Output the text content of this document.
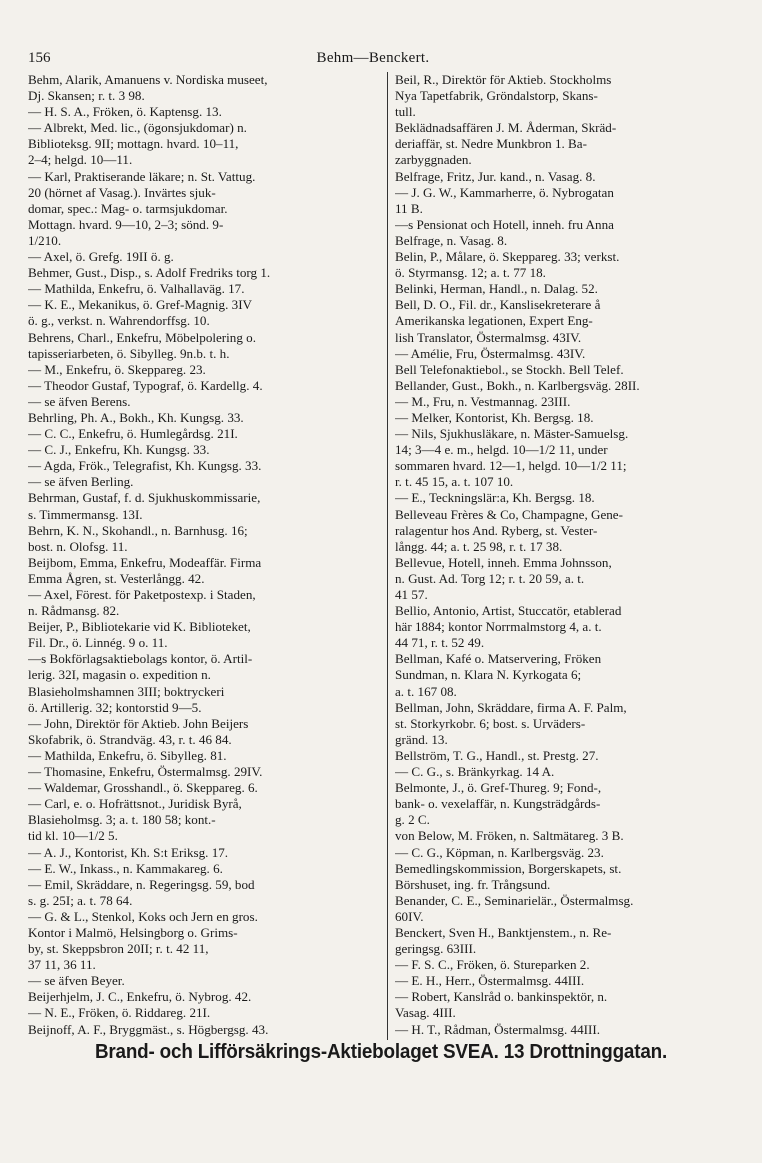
156	Behm—Benckert.
Behm, Alarik, Amanuens v. Nordiska museet,
Dj. Skansen; r. t. 3 98.
— H. S. A., Fröken, ö. Kaptensg. 13.
— Albrekt, Med. lic., (ögonsjukdomar) n.
Biblioteksg. 9II; mottagn. hvard. 10–11,
2–4; helgd. 10—11.
— Karl, Praktiserande läkare; n. St. Vattug.
20 (hörnet af Vasag.). Invärtes sjuk-
domar, spec.: Mag- o. tarmsjukdomar.
Mottagn. hvard. 9—10, 2–3; sönd. 9-
1/210.
— Axel, ö. Grefg. 19II ö. g.
Behmer, Gust., Disp., s. Adolf Fredriks torg 1.
— Mathilda, Enkefru, ö. Valhallaväg. 17.
— K. E., Mekanikus, ö. Gref-Magnig. 3IV
ö. g., verkst. n. Wahrendorffsg. 10.
Behrens, Charl., Enkefru, Möbelpolering o.
tapisseriarbeten, ö. Sibylleg. 9n.b. t. h.
— M., Enkefru, ö. Skeppareg. 23.
— Theodor Gustaf, Typograf, ö. Kardellg. 4.
— se äfven Berens.
Behrling, Ph. A., Bokh., Kh. Kungsg. 33.
— C. C., Enkefru, ö. Humlegårdsg. 21I.
— C. J., Enkefru, Kh. Kungsg. 33.
— Agda, Frök., Telegrafist, Kh. Kungsg. 33.
— se äfven Berling.
Behrman, Gustaf, f. d. Sjukhuskommissarie,
s. Timmermansg. 13I.
Behrn, K. N., Skohandl., n. Barnhusg. 16;
bost. n. Olofsg. 11.
Beijbom, Emma, Enkefru, Modeaffär. Firma
Emma Ågren, st. Vesterlångg. 42.
— Axel, Förest. för Paketpostexp. i Staden,
n. Rådmansg. 82.
Beijer, P., Bibliotekarie vid K. Biblioteket,
Fil. Dr., ö. Linnég. 9 o. 11.
—s Bokförlagsaktiebolags kontor, ö. Artil-
lerig. 32I, magasin o. expedition n.
Blasieholmshamnen 3III; boktryckeri
ö. Artillerig. 32; kontorstid 9—5.
— John, Direktör för Aktieb. John Beijers
Skofabrik, ö. Strandväg. 43, r. t. 46 84.
— Mathilda, Enkefru, ö. Sibylleg. 81.
— Thomasine, Enkefru, Östermalmsg. 29IV.
— Waldemar, Grosshandl., ö. Skeppareg. 6.
— Carl, e. o. Hofrättsnot., Juridisk Byrå,
Blasieholmsg. 3; a. t. 180 58; kont.-
tid kl. 10—1/2 5.
— A. J., Kontorist, Kh. S:t Eriksg. 17.
— E. W., Inkass., n. Kammakareg. 6.
— Emil, Skräddare, n. Regeringsg. 59, bod
s. g. 25I; a. t. 78 64.
— G. & L., Stenkol, Koks och Jern en gros.
Kontor i Malmö, Helsingborg o. Grims-
by, st. Skeppsbron 20II; r. t. 42 11,
37 11, 36 11.
— se äfven Beyer.
Beijerhjelm, J. C., Enkefru, ö. Nybrog. 42.
— N. E., Fröken, ö. Riddareg. 21I.
Beijnoff, A. F., Bryggmäst., s. Högbergsg. 43.
Beil, R., Direktör för Aktieb. Stockholms
Nya Tapetfabrik, Gröndalstorp, Skans-
tull.
Beklädnadsaffären J. M. Åderman, Skräd-
deriaffär, st. Nedre Munkbron 1. Ba-
zarbyggnaden.
Belfrage, Fritz, Jur. kand., n. Vasag. 8.
— J. G. W., Kammarherre, ö. Nybrogatan
11 B.
—s Pensionat och Hotell, inneh. fru Anna
Belfrage, n. Vasag. 8.
Belin, P., Målare, ö. Skeppareg. 33; verkst.
ö. Styrmansg. 12; a. t. 77 18.
Belinki, Herman, Handl., n. Dalag. 52.
Bell, D. O., Fil. dr., Kanslisekreterare å
Amerikanska legationen, Expert Eng-
lish Translator, Östermalmsg. 43IV.
— Amélie, Fru, Östermalmsg. 43IV.
Bell Telefonaktiebol., se Stockh. Bell Telef.
Bellander, Gust., Bokh., n. Karlbergsväg. 28II.
— M., Fru, n. Vestmannag. 23III.
— Melker, Kontorist, Kh. Bergsg. 18.
— Nils, Sjukhusläkare, n. Mäster-Samuelsg.
14; 3—4 e. m., helgd. 10—1/2 11, under
sommaren hvard. 12—1, helgd. 10—1/2 11;
r. t. 45 15, a. t. 107 10.
— E., Teckningslär:a, Kh. Bergsg. 18.
Belleveau Frères & Co, Champagne, Gene-
ralagentur hos And. Ryberg, st. Vester-
långg. 44; a. t. 25 98, r. t. 17 38.
Bellevue, Hotell, inneh. Emma Johnsson,
n. Gust. Ad. Torg 12; r. t. 20 59, a. t.
41 57.
Bellio, Antonio, Artist, Stuccatör, etablerad
här 1884; kontor Norrmalmstorg 4, a. t.
44 71, r. t. 52 49.
Bellman, Kafé o. Matservering, Fröken
Sundman, n. Klara N. Kyrkogata 6;
a. t. 167 08.
Bellman, John, Skräddare, firma A. F. Palm,
st. Storkyrkobr. 6; bost. s. Urväders-
gränd. 13.
Bellström, T. G., Handl., st. Prestg. 27.
— C. G., s. Bränkyrkag. 14 A.
Belmonte, J., ö. Gref-Thureg. 9; Fond-,
bank- o. vexelaffär, n. Kungsträdgårds-
g. 2 C.
von Below, M. Fröken, n. Saltmätareg. 3 B.
— C. G., Köpman, n. Karlbergsväg. 23.
Bemedlingskommission, Borgerskapets, st.
Börshuset, ing. fr. Trångsund.
Benander, C. E., Seminarielär., Östermalmsg.
60IV.
Benckert, Sven H., Banktjenstem., n. Re-
geringsg. 63III.
— F. S. C., Fröken, ö. Stureparken 2.
— E. H., Herr., Östermalmsg. 44III.
— Robert, Kanslråd o. bankinspektör, n.
Vasag. 4III.
— H. T., Rådman, Östermalmsg. 44III.
Brand- och Lifförsäkrings-Aktiebolaget SVEA. 13 Drottninggatan.
